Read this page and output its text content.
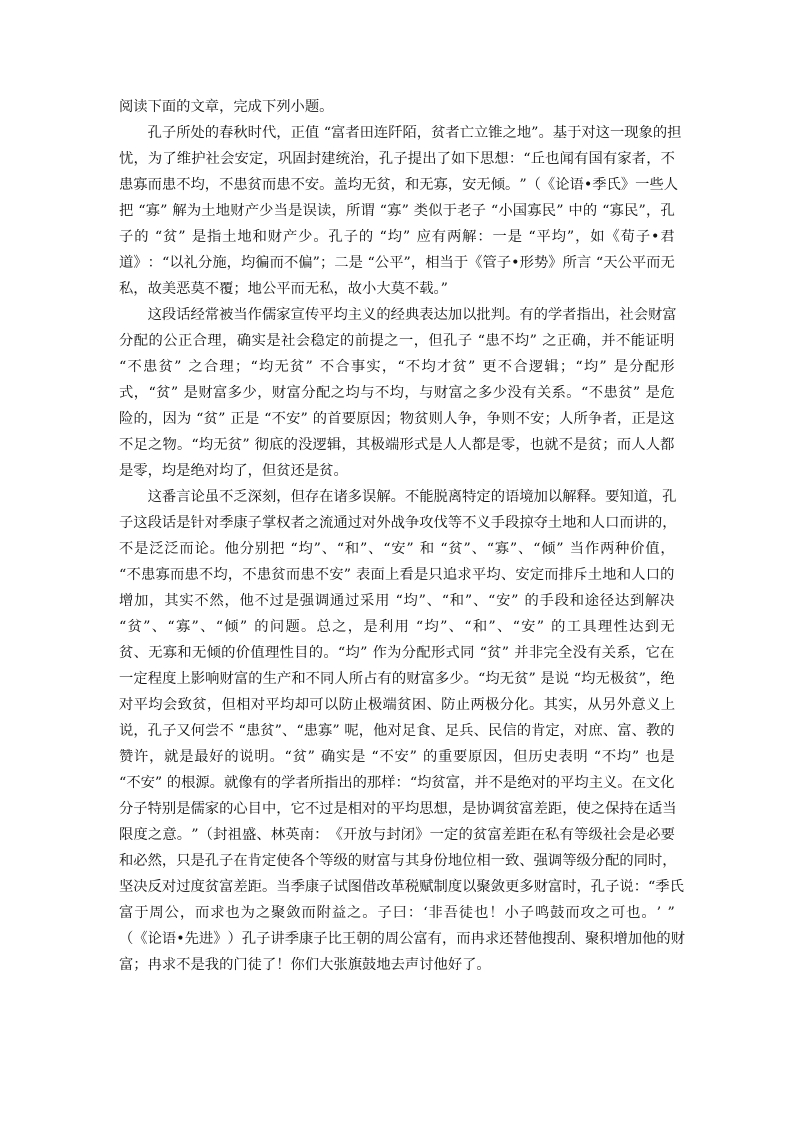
阅读下面的文章，完成下列小题。

孔 子 所 处 的 春 秋 时 代 ， 正 值
“ 富 者 田 连 阡 陌 ， 贫 者 亡 立 锥 之 地 ” 。 基 于 对 这 一 现 象 的 担
忧 ， 为 了 维 护 社 会 安 定 ， 巩 固 封 建 统 治 ， 孔 子 提 出 了 如 下 思 想 ： “ 丘 也 闻 有 国 有 家 者 ， 不
患 寡 而 患 不 均 ， 不 患 贫 而 患 不 安 。 盖 均 无 贫 ， 和 无 寡 ， 安 无 倾 。 ” （ 《 论 语 • 季 氏 》 一 些 人
把
“ 寡 ”
解 为 土 地 财 产 少 当 是 误 读 ， 所 谓
“ 寡 ”
类 似 于 老 子
“ 小 国 寡 民 ”
中 的
“ 寡 民 ” ， 孔
子 的
“ 贫 ”
是 指 土 地 和 财 产 少 。 孔 子 的
“ 均 ”
应 有 两 解 ： 一 是
“ 平 均 ” ， 如 《 荀 子 • 君
道 》 ： “ 以 礼 分 施 ， 均 徧 而 不 偏 ” ； 二 是
“ 公 平 ” ， 相 当 于 《 管 子 • 形 势 》 所 言
“ 天 公 平 而 无
私，故美恶莫不覆；地公平而无私，故小大莫不载。”

这 段 话 经 常 被 当 作 儒 家 宣 传 平 均 主 义 的 经 典 表 达 加 以 批 判 。 有 的 学 者 指 出 ， 社 会 财 富
分 配 的 公 正 合 理 ， 确 实 是 社 会 稳 定 的 前 提 之 一 ， 但 孔 子
“ 患 不 均 ”
之 正 确 ， 并 不 能 证 明
“ 不 患 贫 ”
之 合 理 ； “ 均 无 贫 ”
不 合 事 实 ， “ 不 均 才 贫 ”
更 不 合 逻 辑 ； “ 均 ”
是 分 配 形
式 ， “ 贫 ”
是 财 富 多 少 ， 财 富 分 配 之 均 与 不 均 ， 与 财 富 之 多 少 没 有 关 系 。 “ 不 患 贫 ”
是 危
险 的 ， 因 为
“ 贫 ”
正 是
“ 不 安 ”
的 首 要 原 因 ； 物 贫 则 人 争 ， 争 则 不 安 ； 人 所 争 者 ， 正 是 这
不 足 之 物 。 “ 均 无 贫 ”
彻 底 的 没 逻 辑 ， 其 极 端 形 式 是 人 人 都 是 零 ， 也 就 不 是 贫 ； 而 人 人 都
是零，均是绝对均了，但贫还是贫。

这 番 言 论 虽 不 乏 深 刻 ， 但 存 在 诸 多 误 解 。 不 能 脱 离 特 定 的 语 境 加 以 解 释 。 要 知 道 ， 孔
子 这 段 话 是 针 对 季 康 子 掌 权 者 之 流 通 过 对 外 战 争 攻 伐 等 不 义 手 段 掠 夺 土 地 和 人 口 而 讲 的 ，
不 是 泛 泛 而 论 。 他 分 别 把
“ 均 ” 、 “ 和 ” 、 “ 安 ”
和
“ 贫 ” 、 “ 寡 ” 、 “ 倾 ”
当 作 两 种 价 值 ，
“ 不 患 寡 而 患 不 均 ， 不 患 贫 而 患 不 安 ”
表 面 上 看 是 只 追 求 平 均 、 安 定 而 排 斥 土 地 和 人 口 的
增 加 ， 其 实 不 然 ， 他 不 过 是 强 调 通 过 采 用
“ 均 ” 、 “ 和 ” 、 “ 安 ”
的 手 段 和 途 径 达 到 解 决
“ 贫 ” 、 “ 寡 ” 、 “ 倾 ”
的 问 题 。 总 之 ， 是 利 用
“ 均 ” 、 “ 和 ” 、 “ 安 ”
的 工 具 理 性 达 到 无
贫 、 无 寡 和 无 倾 的 价 值 理 性 目 的 。 “ 均 ”
作 为 分 配 形 式 同
“ 贫 ”
并 非 完 全 没 有 关 系 ， 它 在
一 定 程 度 上 影 响 财 富 的 生 产 和 不 同 人 所 占 有 的 财 富 多 少 。 “ 均 无 贫 ”
是 说
“ 均 无 极 贫 ” ， 绝
对 平 均 会 致 贫 ， 但 相 对 平 均 却 可 以 防 止 极 端 贫 困 、 防 止 两 极 分 化 。 其 实 ， 从 另 外 意 义 上
说 ， 孔 子 又 何 尝 不
“ 患 贫 ” 、 “ 患 寡 ”
呢 ， 他 对 足 食 、 足 兵 、 民 信 的 肯 定 ， 对 庶 、 富 、 教 的
赞 许 ， 就 是 最 好 的 说 明 。 “ 贫 ”
确 实 是
“ 不 安 ”
的 重 要 原 因 ， 但 历 史 表 明
“ 不 均 ”
也 是
“ 不 安 ”
的 根 源 。 就 像 有 的 学 者 所 指 出 的 那 样 ： “ 均 贫 富 ， 并 不 是 绝 对 的 平 均 主 义 。 在 文 化
分 子 特 别 是 儒 家 的 心 目 中 ， 它 不 过 是 相 对 的 平 均 思 想 ， 是 协 调 贫 富 差 距 ， 使 之 保 持 在 适 当
限 度 之 意 。 ” （ 封 祖 盛 、 林 英 南 ： 《 开 放 与 封 闭 》 一 定 的 贫 富 差 距 在 私 有 等 级 社 会 是 必 要
和 必 然 ， 只 是 孔 子 在 肯 定 使 各 个 等 级 的 财 富 与 其 身 份 地 位 相 一 致 、 强 调 等 级 分 配 的 同 时 ，
坚 决 反 对 过 度 贫 富 差 距 。 当 季 康 子 试 图 借 改 革 税 赋 制 度 以 聚 敛 更 多 财 富 时 ， 孔 子 说 ： “ 季 氏
富 于 周 公 ， 而 求 也 为 之 聚 敛 而 附 益 之 。 子 曰 ： ‘ 非 吾 徒 也 ！ 小 子 鸣 鼓 而 攻 之 可 也 。 ’
”
（ 《 论 语 • 先 进 》 ） 孔 子 讲 季 康 子 比 王 朝 的 周 公 富 有 ， 而 冉 求 还 替 他 搜 刮 、 聚 积 增 加 他 的 财
富；冉求不是我的门徒了！你们大张旗鼓地去声讨他好了。
